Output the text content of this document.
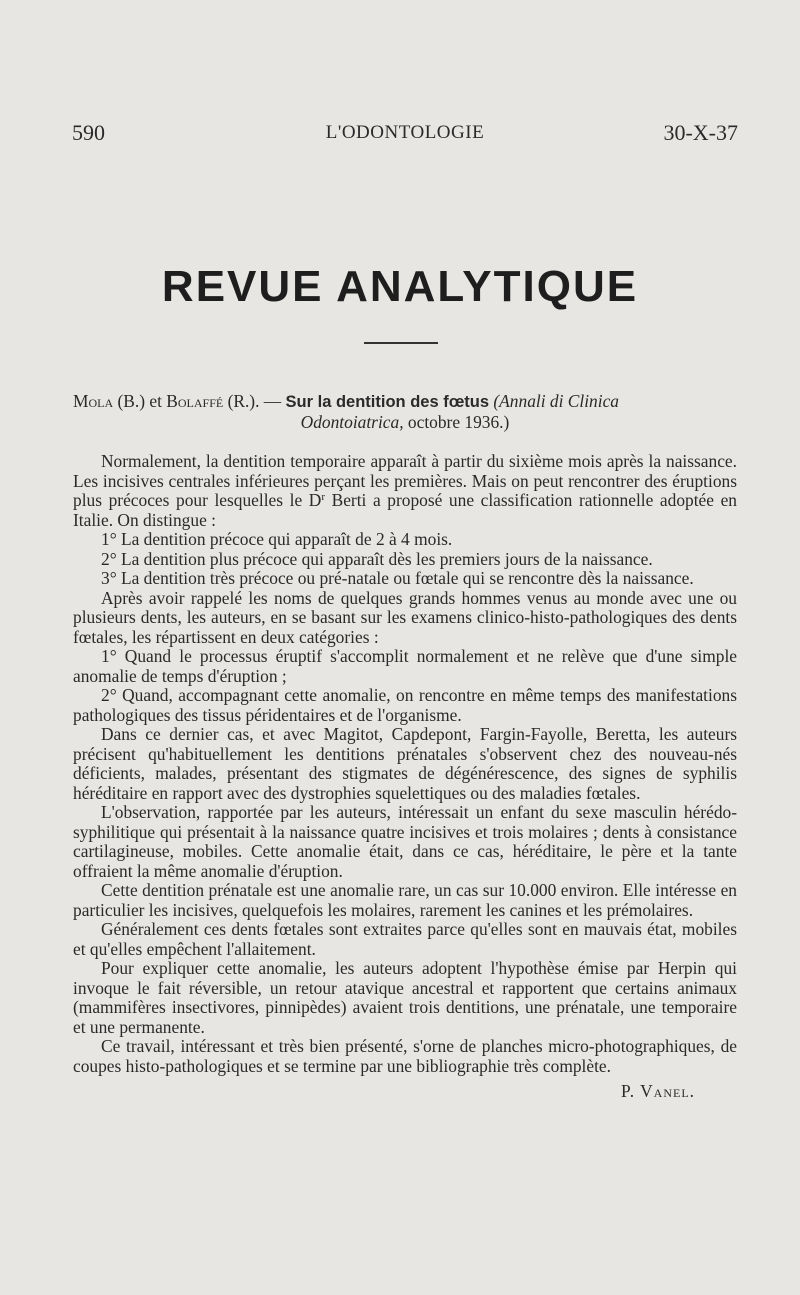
590	L'ODONTOLOGIE	30-X-37
REVUE ANALYTIQUE

Mola (B.) et Bolaffé (R.). — Sur la dentition des fœtus (Annali di Clinica

Odontoiatrica, octobre 1936.)

Normalement, la dentition temporaire apparaît à partir du sixième mois après la naissance. Les incisives centrales inférieures perçant les premières. Mais on peut rencontrer des éruptions plus précoces pour lesquelles le $D^r$ Berti a proposé une classification rationnelle adoptée en Italie. On distingue :

1° La dentition précoce qui apparaît de 2 à 4 mois.

2° La dentition plus précoce qui apparaît dès les premiers jours de la naissance.

3° La dentition très précoce ou pré-natale ou fœtale qui se rencontre dès la naissance.

Après avoir rappelé les noms de quelques grands hommes venus au monde avec une ou plusieurs dents, les auteurs, en se basant sur les examens clinico-histo-pathologiques des dents fœtales, les répartissent en deux catégories :

1° Quand le processus éruptif s'accomplit normalement et ne relève que d'une simple anomalie de temps d'éruption ;

2° Quand, accompagnant cette anomalie, on rencontre en même temps des manifestations pathologiques des tissus péridentaires et de l'organisme.

Dans ce dernier cas, et avec Magitot, Capdepont, Fargin-Fayolle, Beretta, les auteurs précisent qu'habituellement les dentitions prénatales s'observent chez des nouveau-nés déficients, malades, présentant des stigmates de dégénérescence, des signes de syphilis héréditaire en rapport avec des dystrophies squelettiques ou des maladies fœtales.

L'observation, rapportée par les auteurs, intéressait un enfant du sexe masculin hérédo-syphilitique qui présentait à la naissance quatre incisives et trois molaires ; dents à consistance cartilagineuse, mobiles. Cette anomalie était, dans ce cas, héréditaire, le père et la tante offraient la même anomalie d'éruption.

Cette dentition prénatale est une anomalie rare, un cas sur 10.000 environ. Elle intéresse en particulier les incisives, quelquefois les molaires, rarement les canines et les prémolaires.

Généralement ces dents fœtales sont extraites parce qu'elles sont en mauvais état, mobiles et qu'elles empêchent l'allaitement.

Pour expliquer cette anomalie, les auteurs adoptent l'hypothèse émise par Herpin qui invoque le fait réversible, un retour atavique ancestral et rapportent que certains animaux (mammifères insectivores, pinnipèdes) avaient trois dentitions, une prénatale, une temporaire et une permanente.

Ce travail, intéressant et très bien présenté, s'orne de planches micro-photographiques, de coupes histo-pathologiques et se termine par une bibliographie très complète.

P. Vanel.
